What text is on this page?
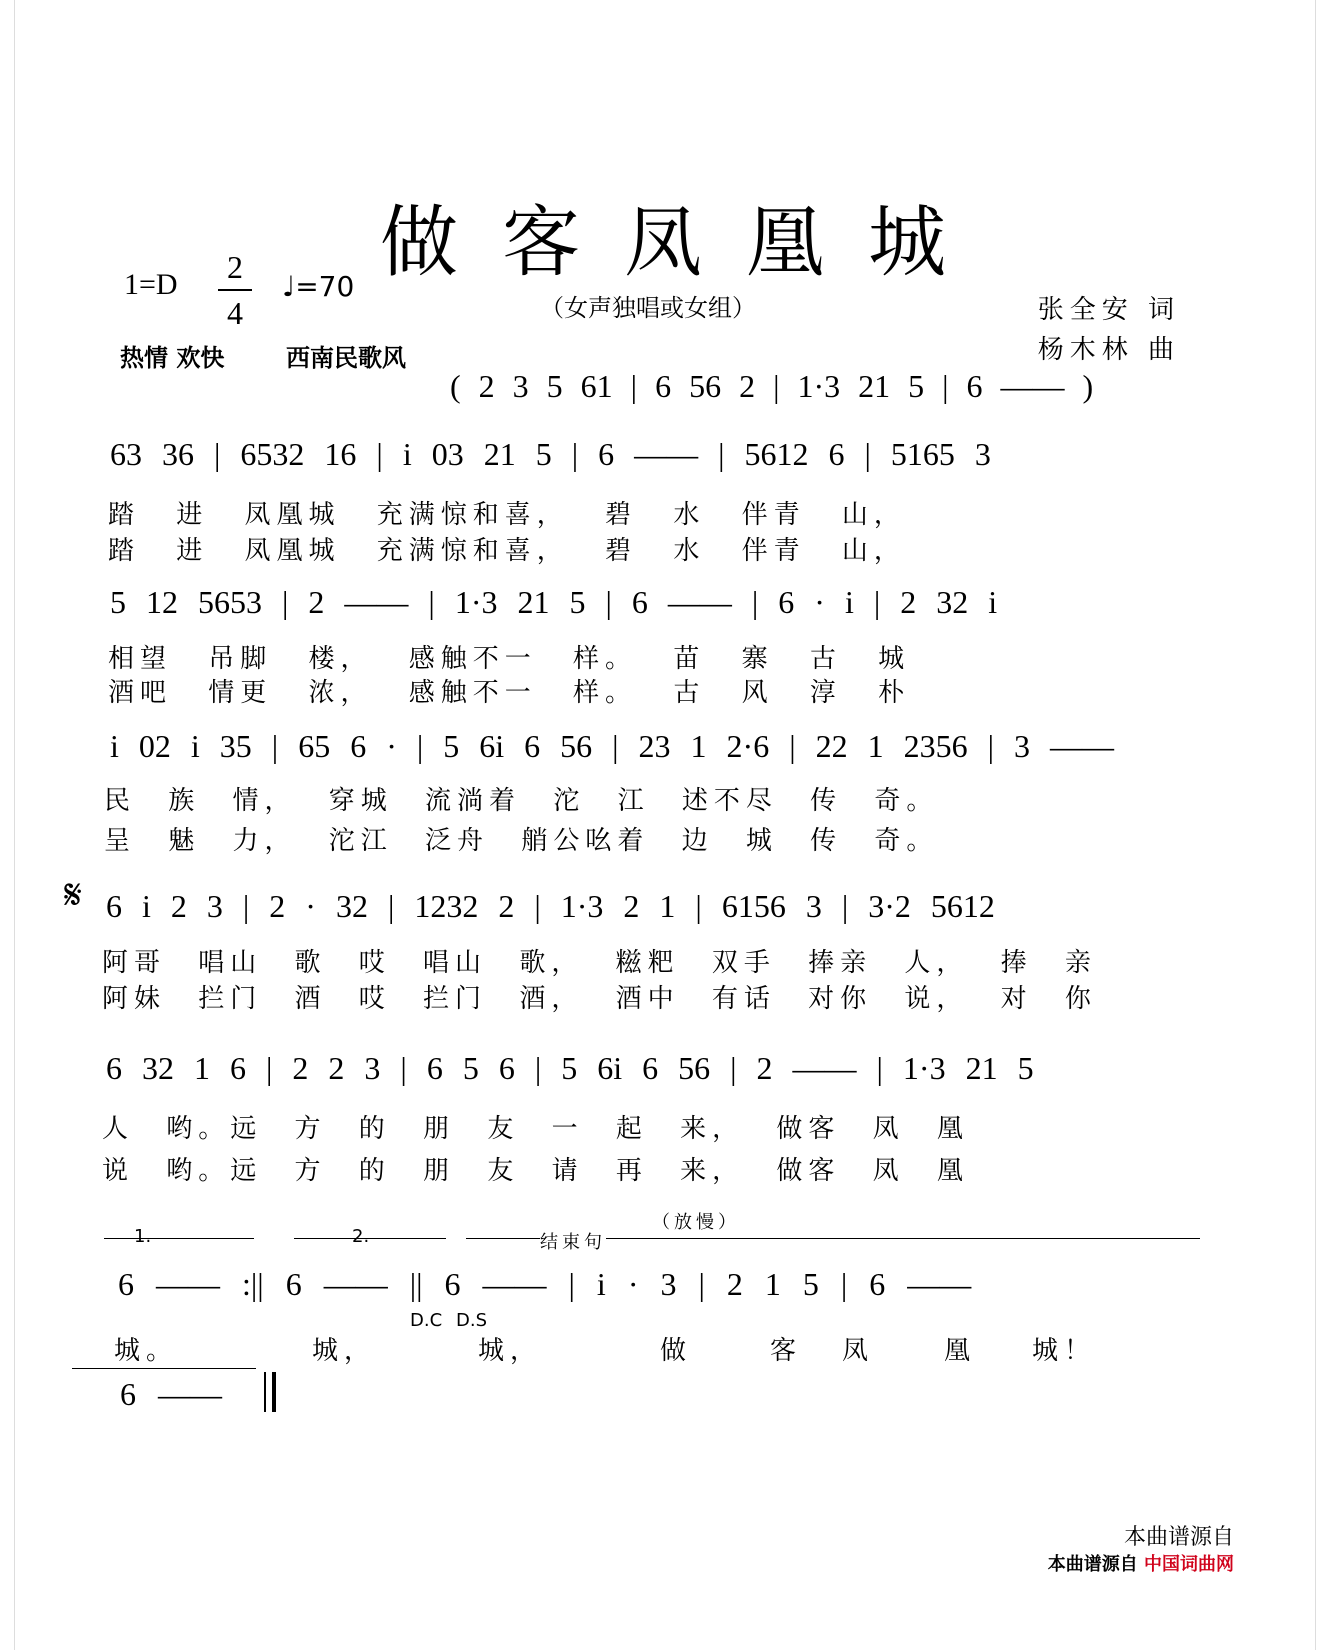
做客凤凰城
1=D 2
4
♩=70
（女声独唱或女组）	张全安 词
杨木林 曲
热情 欢快	西南民歌风
( 2 3 5 61 | 6 56 2 | 1·3 21 5 | 6 —— )
63 36 | 6532 16 | i 03 21 5 | 6 —— | 5612 6 | 5165 3
踏 进 凤凰城 充满惊和喜， 碧 水 伴青 山，
踏 进 凤凰城 充满惊和喜， 碧 水 伴青 山，
5 12 5653 | 2 —— | 1·3 21 5 | 6 —— | 6 · i | 2 32 i
相望 吊脚 楼， 感触不一 样。 苗 寨 古 城
酒吧 情更 浓， 感触不一 样。 古 风 淳 朴
i 02 i 35 | 65 6 · | 5 6i 6 56 | 23 1 2·6 | 22 1 2356 | 3 ——
民 族 情， 穿城 流淌着 沱 江 述不尽 传 奇。
呈 魅 力， 沱江 泛舟 艄公吆着 边 城 传 奇。
𝄋 6 i 2 3 | 2 · 32 | 1232 2 | 1·3 2 1 | 6156 3 | 3·2 5612
阿哥 唱山 歌 哎 唱山 歌， 糍粑 双手 捧亲 人， 捧 亲
阿妹 拦门 酒 哎 拦门 酒， 酒中 有话 对你 说， 对 你
6 32 1 6 | 2 2 3 | 6 5 6 | 5 6i 6 56 | 2 —— | 1·3 21 5
人 哟。远 方 的 朋 友 一 起 来， 做客 凤 凰
说 哟。远 方 的 朋 友 请 再 来， 做客 凤 凰
（放慢）
1.	2.	结束句
6 —— :|| 6 —— || 6 —— | i · 3 | 2 1 5 | 6 ——
D.C D.S
城。	城，	城，	做	客 凤	凰 城！
6 ——
本曲谱源自
本曲谱源自 中国词曲网
